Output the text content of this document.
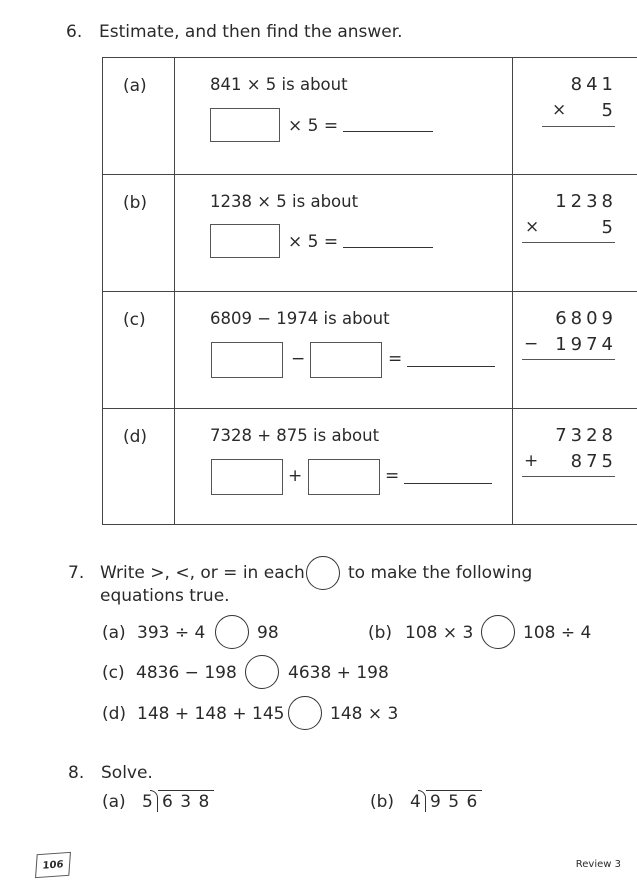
6. Estimate, and then find the answer.
(a)	841 × 5 is about
× 5 =
841
× 5
(b)	1238 × 5 is about
× 5 =
1238
×	5
(c)	6809 − 1974 is about
−	=
6809
− 1974
(d)	7328 + 875 is about
+	=
7328
+ 875
7. Write >, <, or = in each	to make the following
equations true.
(a) 393 ÷ 4	98	(b) 108 × 3	108 ÷ 4
(c) 4836 − 198	4638 + 198
(d) 148 + 148 + 145	148 × 3
8. Solve.
(a) 5 6 3 8	(b) 4 9 5 6
106	Review 3
